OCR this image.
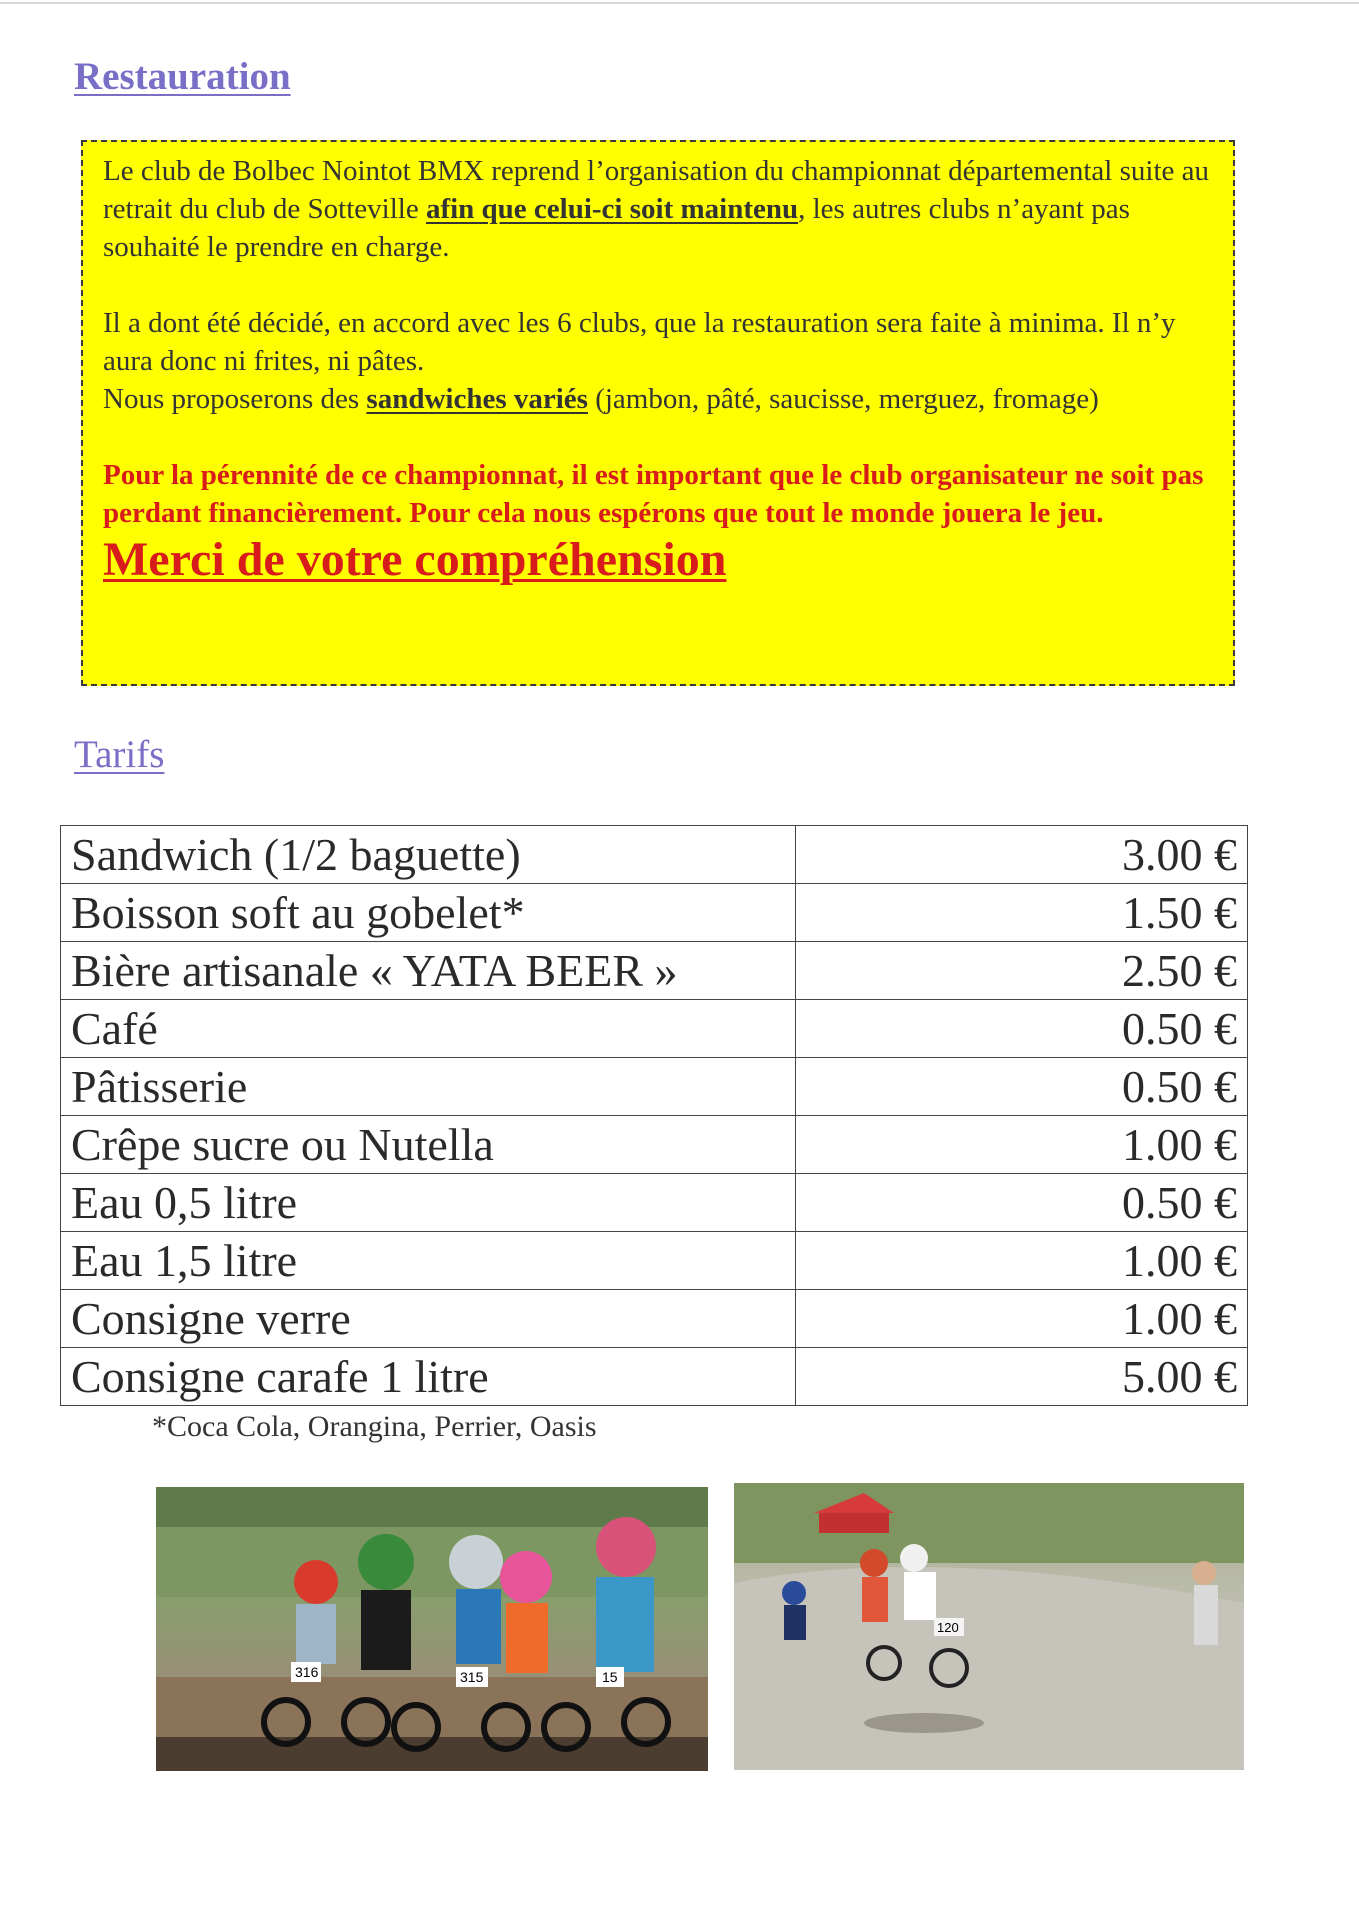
Restauration

Le club de Bolbec Nointot BMX reprend l’organisation du championnat départemental suite au retrait du club de Sotteville afin que celui-ci soit maintenu, les autres clubs n’ayant pas souhaité le prendre en charge.

Il a dont été décidé, en accord avec les 6 clubs, que la restauration sera faite à minima. Il n’y aura donc ni frites, ni pâtes.

Nous proposerons des sandwiches variés (jambon, pâté, saucisse, merguez, fromage)

Pour la pérennité de ce championnat, il est important que le club organisateur ne soit pas perdant financièrement. Pour cela nous espérons que tout le monde jouera le jeu.

Merci de votre compréhension

Tarifs
Sandwich (1/2 baguette)	3.00 €
Boisson soft au gobelet*	1.50 €
Bière artisanale « YATA BEER »	2.50 €
Café	0.50 €
Pâtisserie	0.50 €
Crêpe sucre ou Nutella	1.00 €
Eau 0,5 litre	0.50 €
Eau 1,5 litre	1.00 €
Consigne verre	1.00 €
Consigne carafe 1 litre	5.00 €
*Coca Cola, Orangina, Perrier, Oasis
316	315	15
120
